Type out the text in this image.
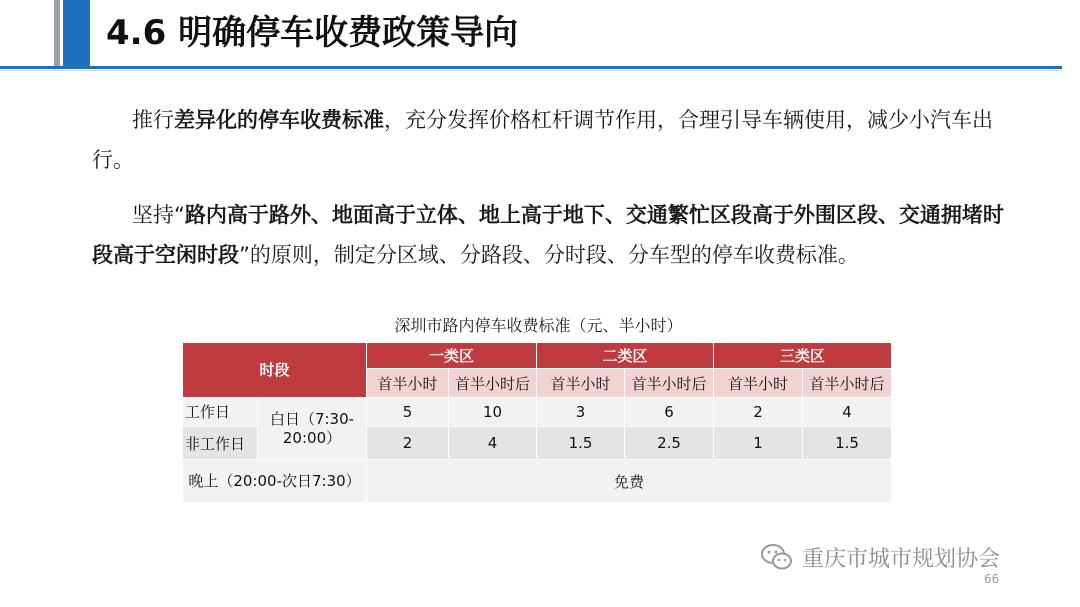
4.6 明确停车收费政策导向
推行差异化的停车收费标准，充分发挥价格杠杆调节作用，合理引导车辆使用，减少小汽车出行。
坚持“路内高于路外、地面高于立体、地上高于地下、交通繁忙区段高于外围区段、交通拥堵时段高于空闲时段”的原则，制定分区域、分路段、分时段、分车型的停车收费标准。
深圳市路内停车收费标准（元、半小时）
时段		一类区		二类区		三类区	
		首半小时	首半小时后	首半小时	首半小时后	首半小时	首半小时后
工作日	白日（7:30-20:00）	5	10	3	6	2	4
非工作日		2	4	1.5	2.5	1	1.5
晚上（20:00-次日7:30）		免费					
重庆市城市规划协会
66
